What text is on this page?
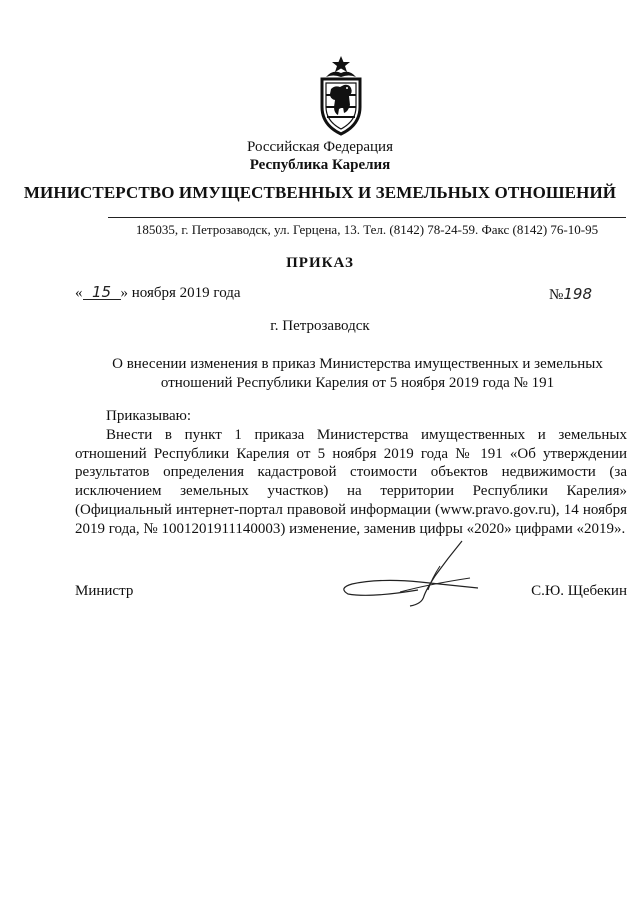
Российская Федерация
Республика Карелия
МИНИСТЕРСТВО ИМУЩЕСТВЕННЫХ И ЗЕМЕЛЬНЫХ ОТНОШЕНИЙ
185035, г. Петрозаводск, ул. Герцена, 13. Тел. (8142) 78-24-59. Факс (8142) 76-10-95
ПРИКАЗ
« 15 » ноября 2019 года	№198
г. Петрозаводск
О внесении изменения в приказ Министерства имущественных и земельных отношений Республики Карелия от 5 ноября 2019 года № 191
Приказываю:

Внести в пункт 1 приказа Министерства имущественных и земельных отношений Республики Карелия от 5 ноября 2019 года № 191 «Об утверждении результатов определения кадастровой стоимости объектов недвижимости (за исключением земельных участков) на территории Республики Карелия» (Официальный интернет-портал правовой информации (www.pravo.gov.ru), 14 ноября 2019 года, № 1001201911140003) изменение, заменив цифры «2020» цифрами «2019».

Министр	С.Ю. Щебекин
